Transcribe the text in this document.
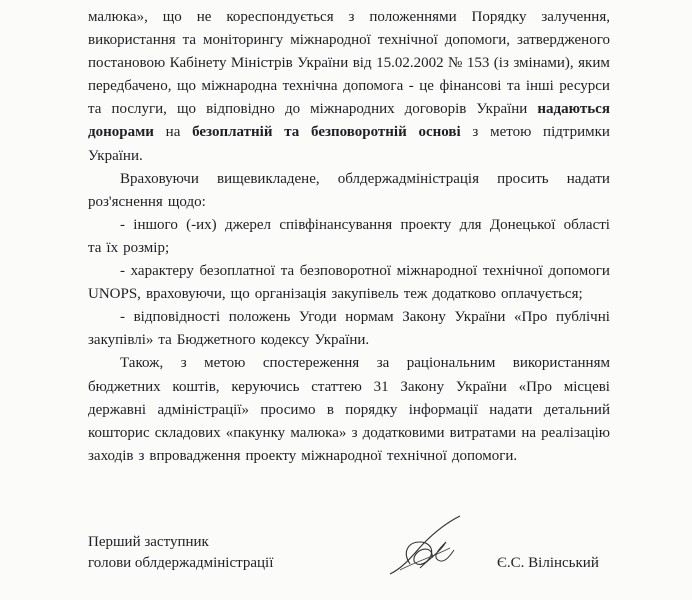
малюка», що не кореспондується з положеннями Порядку залучення,
використання та моніторингу міжнародної технічної допомоги, затвердженого
постановою Кабінету Міністрів України від 15.02.2002 № 153 (із змінами), яким
передбачено, що міжнародна технічна допомога - це фінансові та інші ресурси
та послуги, що відповідно до міжнародних договорів України надаються
донорами на безоплатній та безповоротній основі з метою підтримки
України.
Враховуючи вищевикладене, облдержадміністрація просить надати
роз'яснення щодо:
- іншого (-их) джерел співфінансування проекту для Донецької області
та їх розмір;
- характеру безоплатної та безповоротної міжнародної технічної допомоги
UNOPS, враховуючи, що організація закупівель теж додатково оплачується;
- відповідності положень Угоди нормам Закону України «Про публічні
закупівлі» та Бюджетного кодексу України.
Також, з метою спостереження за раціональним використанням
бюджетних коштів, керуючись статтею 31 Закону України «Про місцеві
державні адміністрації» просимо в порядку інформації надати детальний
кошторис складових «пакунку малюка» з додатковими витратами на реалізацію
заходів з впровадження проекту міжнародної технічної допомоги.
Перший заступник
голови облдержадміністрації	Є.С. Вілінський
